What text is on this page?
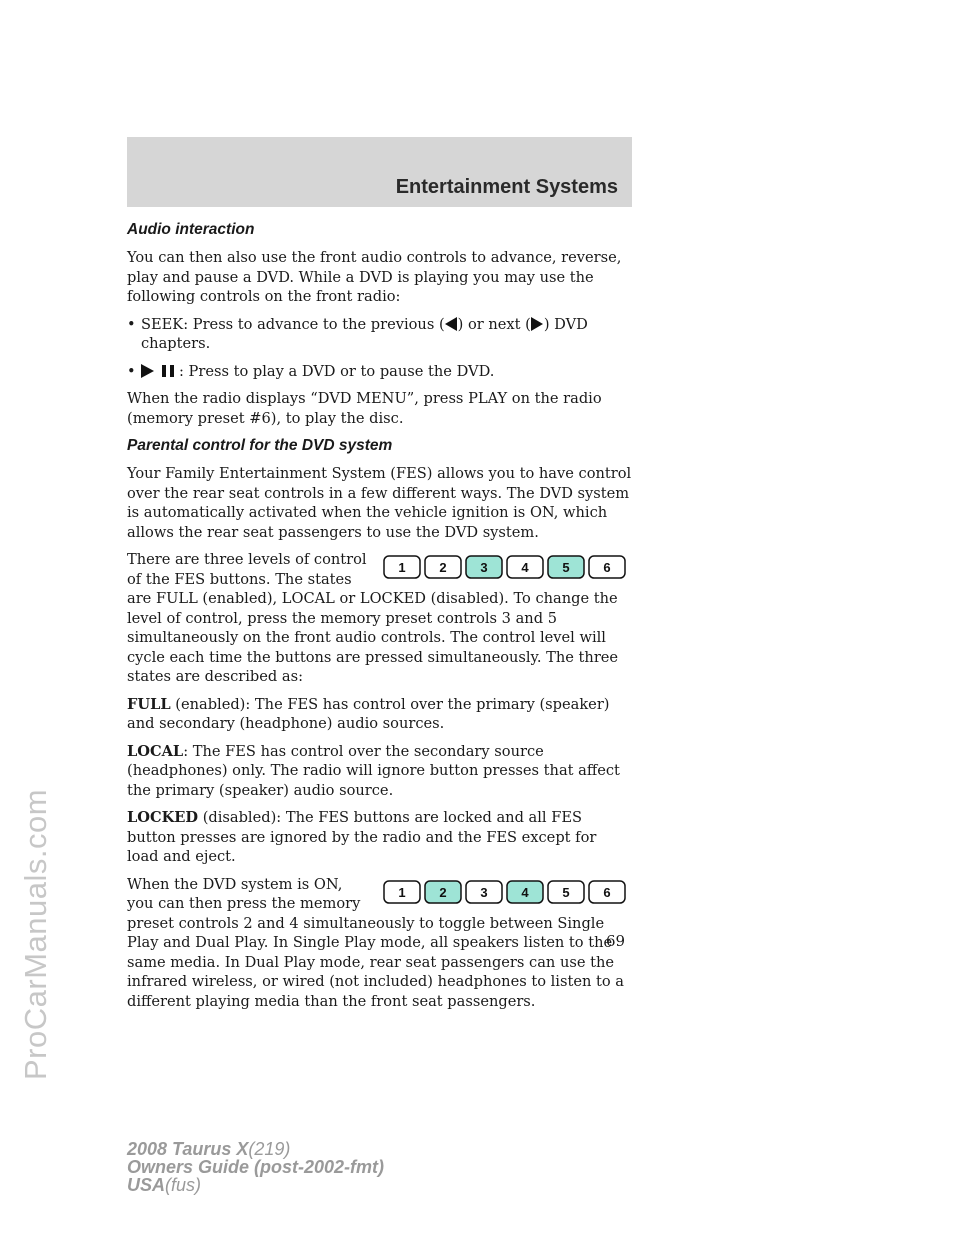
ProCarManuals.com
Entertainment Systems
Audio interaction

You can then also use the front audio controls to advance, reverse, play and pause a DVD. While a DVD is playing you may use the following controls on the front radio:

• SEEK: Press to advance to the previous ( ) or next ( ) DVD chapters.
•	: Press to play a DVD or to pause the DVD.

When the radio displays “DVD MENU”, press PLAY on the radio (memory preset #6), to play the disc.

Parental control for the DVD system

Your Family Entertainment System (FES) allows you to have control over the rear seat controls in a few different ways. The DVD system is automatically activated when the vehicle ignition is ON, which allows the rear seat passengers to use the DVD system.

1	2	3	4	5	6
There are three levels of control of the FES buttons. The states are FULL (enabled), LOCAL or LOCKED (disabled). To change the level of control, press the memory preset controls 3 and 5 simultaneously on the front audio controls. The control level will cycle each time the buttons are pressed simultaneously. The three states are described as:

FULL (enabled): The FES has control over the primary (speaker) and secondary (headphone) audio sources.

LOCAL: The FES has control over the secondary source (headphones) only. The radio will ignore button presses that affect the primary (speaker) audio source.

LOCKED (disabled): The FES buttons are locked and all FES button presses are ignored by the radio and the FES except for load and eject.

1	2	3	4	5	6
When the DVD system is ON, you can then press the memory preset controls 2 and 4 simultaneously to toggle between Single Play and Dual Play. In Single Play mode, all speakers listen to the same media. In Dual Play mode, rear seat passengers can use the infrared wireless, or wired (not included) headphones to listen to a different playing media than the front seat passengers.

69
2008 Taurus X(219)
Owners Guide (post-2002-fmt)
USA(fus)
